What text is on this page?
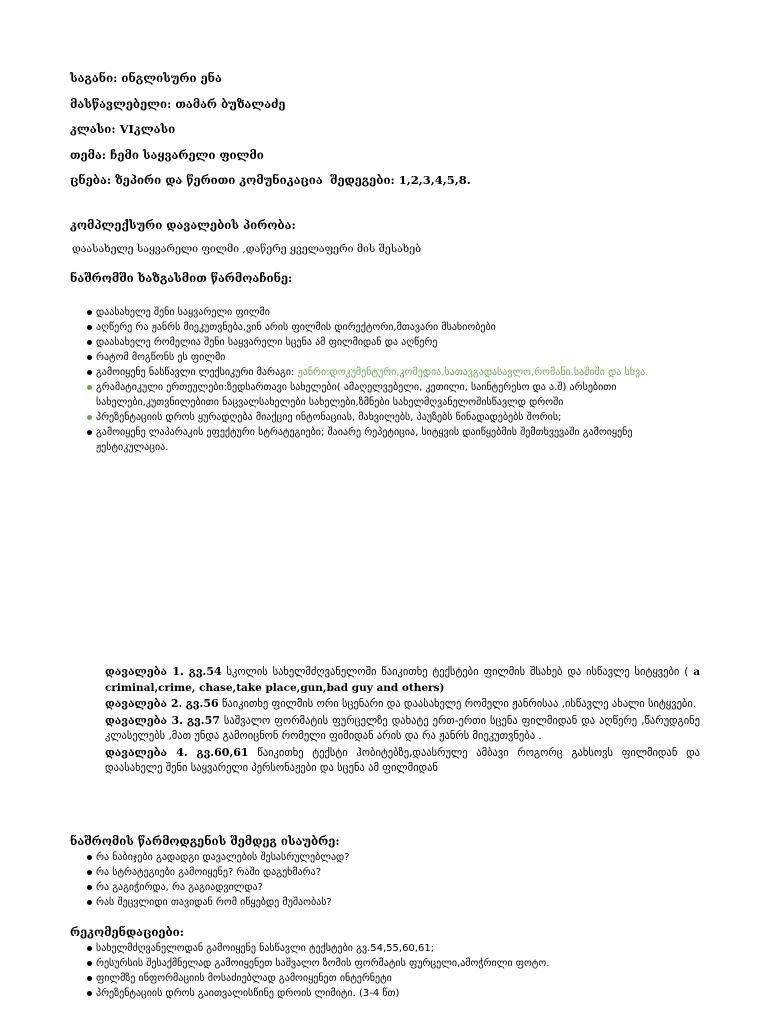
საგანი: ინგლისური ენა
მასწავლებელი: თამარ ბუზალაძე
კლასი: VIკლასი
თემა: ჩემი საყვარელი ფილმი
ცნება: ზეპირი და წერითი კომუნიკაცია შედეგები: 1,2,3,4,5,8.
კომპლექსური დავალების პირობა:
დაასახელე საყვარელი ფილმი ,დაწერე ყველაფერი მის შესახებ
ნაშრომში ხაზგასმით წარმოაჩინე:
დაასახელე შენი საყვარელი ფილმი
აღწერე რა ჟანრს მიეკუთვნება,ვინ არის ფილმის დირექტორი,მთავარი მსახიობები
დაასახელე რომელია შენი საყვარელი სცენა ამ ფილმიდან და აღწერე
რატომ მოგწონს ეს ფილმი
გამოიყენე ნასწავლი ლექსიკური მარაგი: ჟანრი:დოკუმენტური,კომედია,სათავგადასავლო,რომანი.საშიში და სხვა.
გრამატიკული ერთეულები:ზედსართავი სახელები( ამაღელვებელი, კეთილი, საინტერესო და ა.შ) არსებითი სახელები,კუთვნილებითი ნაცვალსახელები სახელები,ზმნები სახელმღვანელოშისწავლდ დროში
პრეზენტაციის დროს ყურადღება მიაქციე ინტონაციას, მახვილებს, პაუზებს წინადადებებს შორის;
გამოიყენე ლაპარაკის ეფექტური სტრატეგიები; შაიარე რეპეტიცია, სიტყვის დაიწყებმის შემთხვევაში გამოიყენე ჟესტიკულაცია.
დავალება 1. გვ.54 სკოლის სახელმძღვანელოში წაიკითხე ტექსტები ფილმის შსახებ და ისწავლე სიტყვები ( a criminal,crime, chase,take place,gun,bad guy and others)
დავალება 2. გვ.56 წაიკითხე ფილმის ორი სცენარი და დაასახელე რომელი ჟანრისაა ,ისწავლე ახალი სიტყვები.
დავალება 3. გვ.57 საშვალო ფორმატის ფურცელზე დახატე ერთ-ერთი სცენა ფილმიდან და აღწერე ,წარუდგინე კლასელებს ,მათ უნდა გამოიცნონ რომელი ფიმიდან არის და რა ჟანრს მიეკუთვნება .
დავალება 4. გვ.60,61 წაიკითხე ტექსტი ჰობიტებზე,დაასრულე ამბავი როგორც გახსოვს ფილმიდან და დაასახელე შენი საყვარელი პერსონაჟები და სცენა ამ ფილმიდან
ნაშრომის წარმოდგენის შემდეგ ისაუბრე:
რა ნაბიჯები გადადგი დავალების შესასრულებლად?
რა სტრატეგიები გამოიყენე? რაში დაგეხმარა?
რა გაგიჭირდა, რა გაგიადვილდა?
რას შეცვლიდი თავიდან რომ იწყებდე მუშაობას?
რეკომენდაციები:
სახელმძღვანელოდან გამოიყენე ნასწავლი ტექსტები გვ.54,55,60,61;
რესურსის შესაქმნელად გამოიყენეთ საშვალო ზომის ფორმატის ფურცელი,ამოჭრილი ფოტო.
ფილმზე ინფორმაციის მოსაძიებლად გამოიყენეთ ინტერნეტი
პრეზენტაციის დროს გაითვალისწინე დროის ლიმიტი. (3-4 წთ)
